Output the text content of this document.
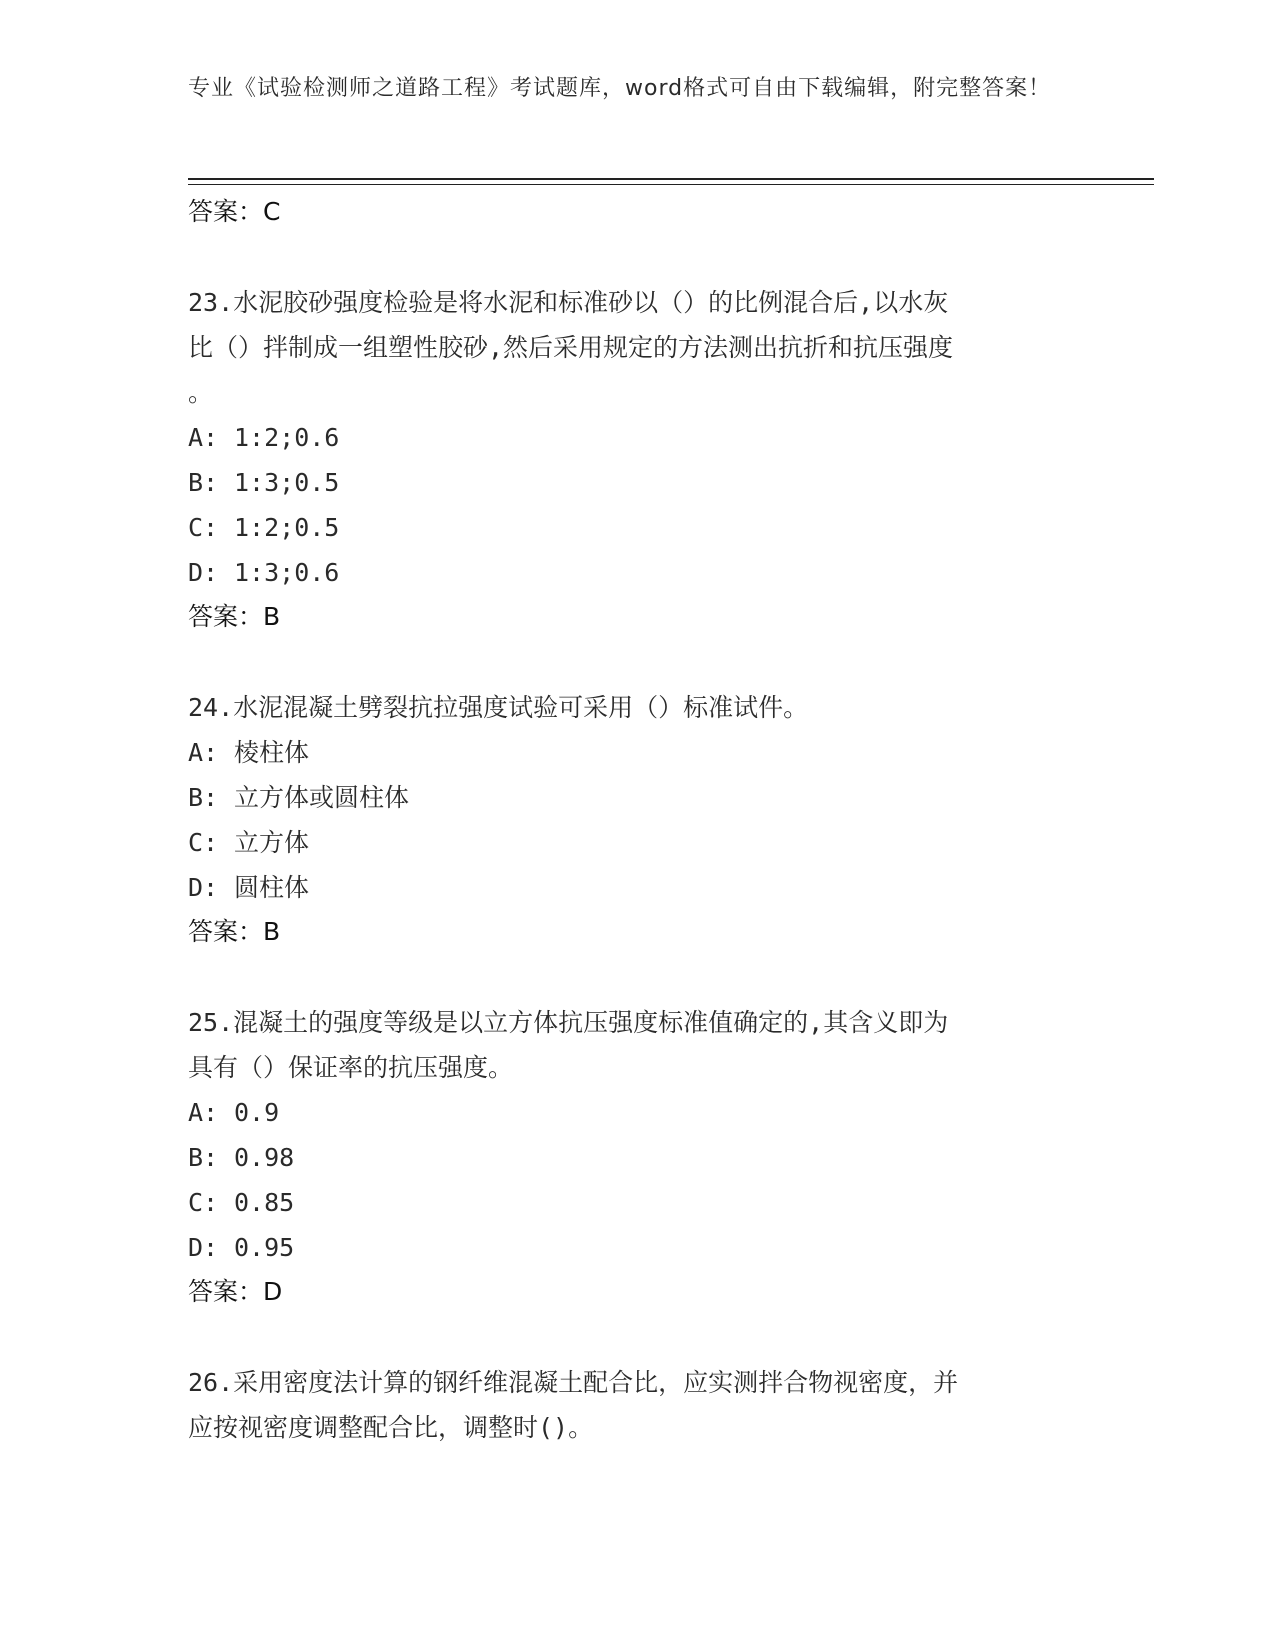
专业《试验检测师之道路工程》考试题库，word格式可自由下载编辑，附完整答案！

答案：C

23.水泥胶砂强度检验是将水泥和标准砂以（）的比例混合后,以水灰
比（）拌制成一组塑性胶砂,然后采用规定的方法测出抗折和抗压强度
。

A: 1:2;0.6

B: 1:3;0.5

C: 1:2;0.5

D: 1:3;0.6

答案：B

24.水泥混凝土劈裂抗拉强度试验可采用（）标准试件。

A: 棱柱体

B: 立方体或圆柱体

C: 立方体

D: 圆柱体

答案：B

25.混凝土的强度等级是以立方体抗压强度标准值确定的,其含义即为
具有（）保证率的抗压强度。

A: 0.9

B: 0.98

C: 0.85

D: 0.95

答案：D

26.采用密度法计算的钢纤维混凝土配合比，应实测拌合物视密度，并
应按视密度调整配合比，调整时()。
